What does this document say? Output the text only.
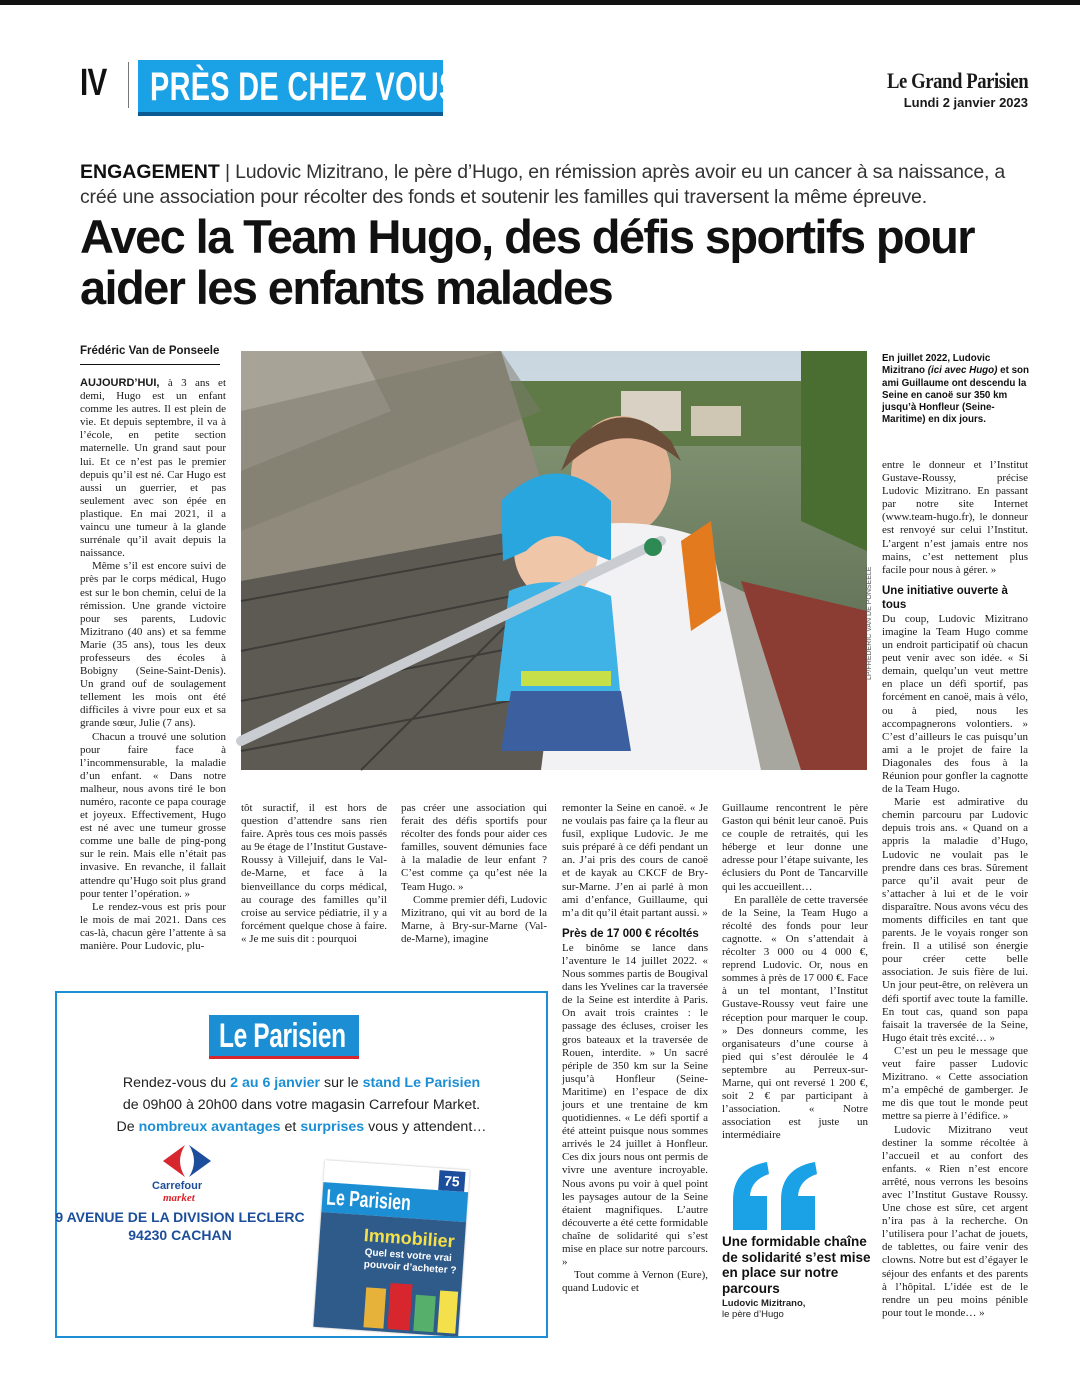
IV PRÈS DE CHEZ VOUS	Le Grand Parisien
Lundi 2 janvier 2023
ENGAGEMENT | Ludovic Mizitrano, le père d’Hugo, en rémission après avoir eu un cancer à sa naissance, a créé une association pour récolter des fonds et soutenir les familles qui traversent la même épreuve.
Avec la Team Hugo, des défis sportifs pour aider les enfants malades
Frédéric Van de Ponseele

AUJOURD’HUI, à 3 ans et demi, Hugo est un enfant comme les autres. Il est plein de vie. Et depuis septembre, il va à l’école, en petite section maternelle. Un grand saut pour lui. Et ce n’est pas le premier depuis qu’il est né. Car Hugo est aussi un guerrier, et pas seulement avec son épée en plastique. En mai 2021, il a vaincu une tumeur à la glande surrénale qu’il avait depuis la naissance.

Même s’il est encore suivi de près par le corps médical, Hugo est sur le bon chemin, celui de la rémission. Une grande victoire pour ses parents, Ludovic Mizitrano (40 ans) et sa femme Marie (35 ans), tous les deux professeurs des écoles à Bobigny (Seine-Saint-Denis). Un grand ouf de soulagement tellement les mois ont été difficiles à vivre pour eux et sa grande sœur, Julie (7 ans).

Chacun a trouvé une solution pour faire face à l’incommensurable, la maladie d’un enfant. « Dans notre malheur, nous avons tiré le bon numéro, raconte ce papa courage et joyeux. Effectivement, Hugo est né avec une tumeur grosse comme une balle de ping-pong sur le rein. Mais elle n’était pas invasive. En revanche, il fallait attendre qu’Hugo soit plus grand pour tenter l’opération. »

Le rendez-vous est pris pour le mois de mai 2021. Dans ces cas-là, chacun gère l’attente à sa manière. Pour Ludovic, plu-

LP/FRÉDÉRIC VAN DE PONSEELE
En juillet 2022, Ludovic Mizitrano (ici avec Hugo) et son ami Guillaume ont descendu la Seine en canoë sur 350 km jusqu’à Honfleur (Seine-Maritime) en dix jours.

tôt suractif, il est hors de question d’attendre sans rien faire. Après tous ces mois passés au 9e étage de l’Institut Gustave-Roussy à Villejuif, dans le Val-de-Marne, et face à la bienveillance du corps médical, au courage des familles qu’il croise au service pédiatrie, il y a forcément quelque chose à faire. « Je me suis dit : pourquoi

pas créer une association qui ferait des défis sportifs pour récolter des fonds pour aider ces familles, souvent démunies face à la maladie de leur enfant ? C’est comme ça qu’est née la Team Hugo. »

Comme premier défi, Ludovic Mizitrano, qui vit au bord de la Marne, à Bry-sur-Marne (Val-de-Marne), imagine

remonter la Seine en canoë. « Je ne voulais pas faire ça la fleur au fusil, explique Ludovic. Je me suis préparé à ce défi pendant un an. J’ai pris des cours de canoë et de kayak au CKCF de Bry-sur-Marne. J’en ai parlé à mon ami d’enfance, Guillaume, qui m’a dit qu’il était partant aussi. »

Près de 17 000 € récoltés

Le binôme se lance dans l’aventure le 14 juillet 2022. « Nous sommes partis de Bougival dans les Yvelines car la traversée de la Seine est interdite à Paris. On avait trois craintes : le passage des écluses, croiser les gros bateaux et la traversée de Rouen, interdite. » Un sacré périple de 350 km sur la Seine jusqu’à Honfleur (Seine-Maritime) en l’espace de dix jours et une trentaine de km quotidiennes. « Le défi sportif a été atteint puisque nous sommes arrivés le 24 juillet à Honfleur. Ces dix jours nous ont permis de vivre une aventure incroyable. Nous avons pu voir à quel point les paysages autour de la Seine étaient magnifiques. L’autre découverte a été cette formidable chaîne de solidarité qui s’est mise en place sur notre parcours. »

Tout comme à Vernon (Eure), quand Ludovic et

Guillaume rencontrent le père Gaston qui bénit leur canoë. Puis ce couple de retraités, qui les héberge et leur donne une adresse pour l’étape suivante, les éclusiers du Pont de Tancarville qui les accueillent…

En parallèle de cette traversée de la Seine, la Team Hugo a récolté des fonds pour leur cagnotte. « On s’attendait à récolter 3 000 ou 4 000 €, reprend Ludovic. Or, nous en sommes à près de 17 000 €. Face à un tel montant, l’Institut Gustave-Roussy veut faire une réception pour marquer le coup. » Des donneurs comme, les organisateurs d’une course à pied qui s’est déroulée le 4 septembre au Perreux-sur-Marne, qui ont reversé 1 200 €, soit 2 € par participant à l’association. « Notre association est juste un intermédiaire

entre le donneur et l’Institut Gustave-Roussy, précise Ludovic Mizitrano. En passant par notre site Internet (www.team-hugo.fr), le donneur est renvoyé sur celui l’Institut. L’argent n’est jamais entre nos mains, c’est nettement plus facile pour nous à gérer. »

Une initiative ouverte à tous

Du coup, Ludovic Mizitrano imagine la Team Hugo comme un endroit participatif où chacun peut venir avec son idée. « Si demain, quelqu’un veut mettre en place un défi sportif, pas forcément en canoë, mais à vélo, ou à pied, nous les accompagnerons volontiers. » C’est d’ailleurs le cas puisqu’un ami a le projet de faire la Diagonales des fous à la Réunion pour gonfler la cagnotte de la Team Hugo.

Marie est admirative du chemin parcouru par Ludovic depuis trois ans. « Quand on a appris la maladie d’Hugo, Ludovic ne voulait pas le prendre dans ces bras. Sûrement parce qu’il avait peur de s’attacher à lui et de le voir disparaître. Nous avons vécu des moments difficiles en tant que parents. Je le voyais ronger son frein. Il a utilisé son énergie pour créer cette belle association. Je suis fière de lui. Un jour peut-être, on relèvera un défi sportif avec toute la famille. En tout cas, quand son papa faisait la traversée de la Seine, Hugo était très excité… »

C’est un peu le message que veut faire passer Ludovic Mizitrano. « Cette association m’a empêché de gamberger. Je me dis que tout le monde peut mettre sa pierre à l’édifice. »

Ludovic Mizitrano veut destiner la somme récoltée à l’accueil et au confort des enfants. « Rien n’est encore arrêté, nous verrons les besoins avec l’Institut Gustave Roussy. Une chose est sûre, cet argent n’ira pas à la recherche. On l’utilisera pour l’achat de jouets, de tablettes, ou faire venir des clowns. Notre but est d’égayer le séjour des enfants et des parents à l’hôpital. L’idée est de le rendre un peu moins pénible pour tout le monde… »

Une formidable chaîne de solidarité s’est mise en place sur notre parcours
Ludovic Mizitrano,
le père d’Hugo
Le Parisien
Rendez-vous du 2 au 6 janvier sur le stand Le Parisien
de 09h00 à 20h00 dans votre magasin Carrefour Market.
De nombreux avantages et surprises vous y attendent…
Carrefour
market
9 AVENUE DE LA DIVISION LECLERC
94230 CACHAN
Le Parisien
75
Immobilier
Quel est votre vrai pouvoir d’acheter ?
